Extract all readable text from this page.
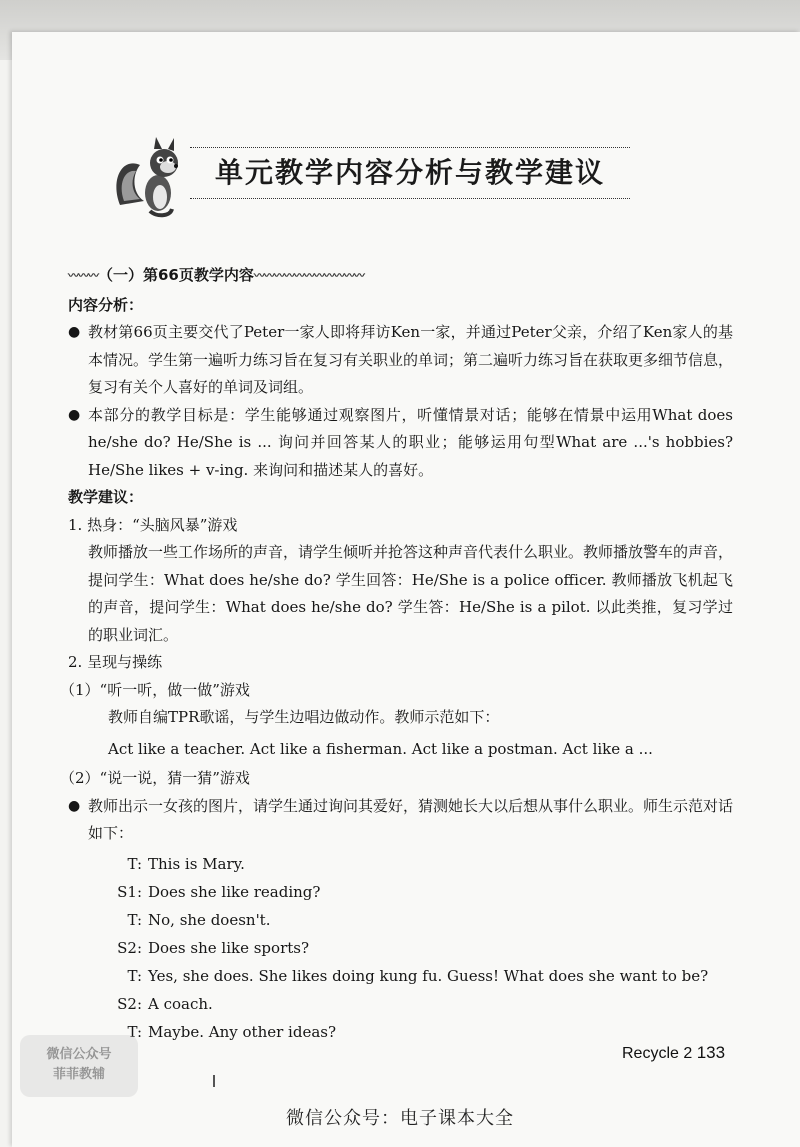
单元教学内容分析与教学建议
〰〰〰 （一）第66页教学内容 〰〰〰〰〰〰〰〰〰〰〰
内容分析：
● 教材第66页主要交代了Peter一家人即将拜访Ken一家，并通过Peter父亲，介绍了Ken家人的基本情况。学生第一遍听力练习旨在复习有关职业的单词；第二遍听力练习旨在获取更多细节信息，复习有关个人喜好的单词及词组。
● 本部分的教学目标是：学生能够通过观察图片，听懂情景对话；能够在情景中运用What does he/she do? He/She is ... 询问并回答某人的职业；能够运用句型What are ...'s hobbies? He/She likes + v-ing. 来询问和描述某人的喜好。
教学建议：
1. 热身：“头脑风暴”游戏
教师播放一些工作场所的声音，请学生倾听并抢答这种声音代表什么职业。教师播放警车的声音，提问学生：What does he/she do? 学生回答：He/She is a police officer. 教师播放飞机起飞的声音，提问学生：What does he/she do? 学生答：He/She is a pilot. 以此类推，复习学过的职业词汇。
2. 呈现与操练
（1）“听一听，做一做”游戏
教师自编TPR歌谣，与学生边唱边做动作。教师示范如下：
Act like a teacher. Act like a fisherman. Act like a postman. Act like a ...
（2）“说一说，猜一猜”游戏
● 教师出示一女孩的图片，请学生通过询问其爱好，猜测她长大以后想从事什么职业。师生示范对话如下：
T: This is Mary.
S1: Does she like reading?
T: No, she doesn't.
S2: Does she like sports?
T: Yes, she does. She likes doing kung fu. Guess! What does she want to be?
S2: A coach.
T: Maybe. Any other ideas?
微信公众号
菲菲教辅
Recycle 2 133
微信公众号：电子课本大全
